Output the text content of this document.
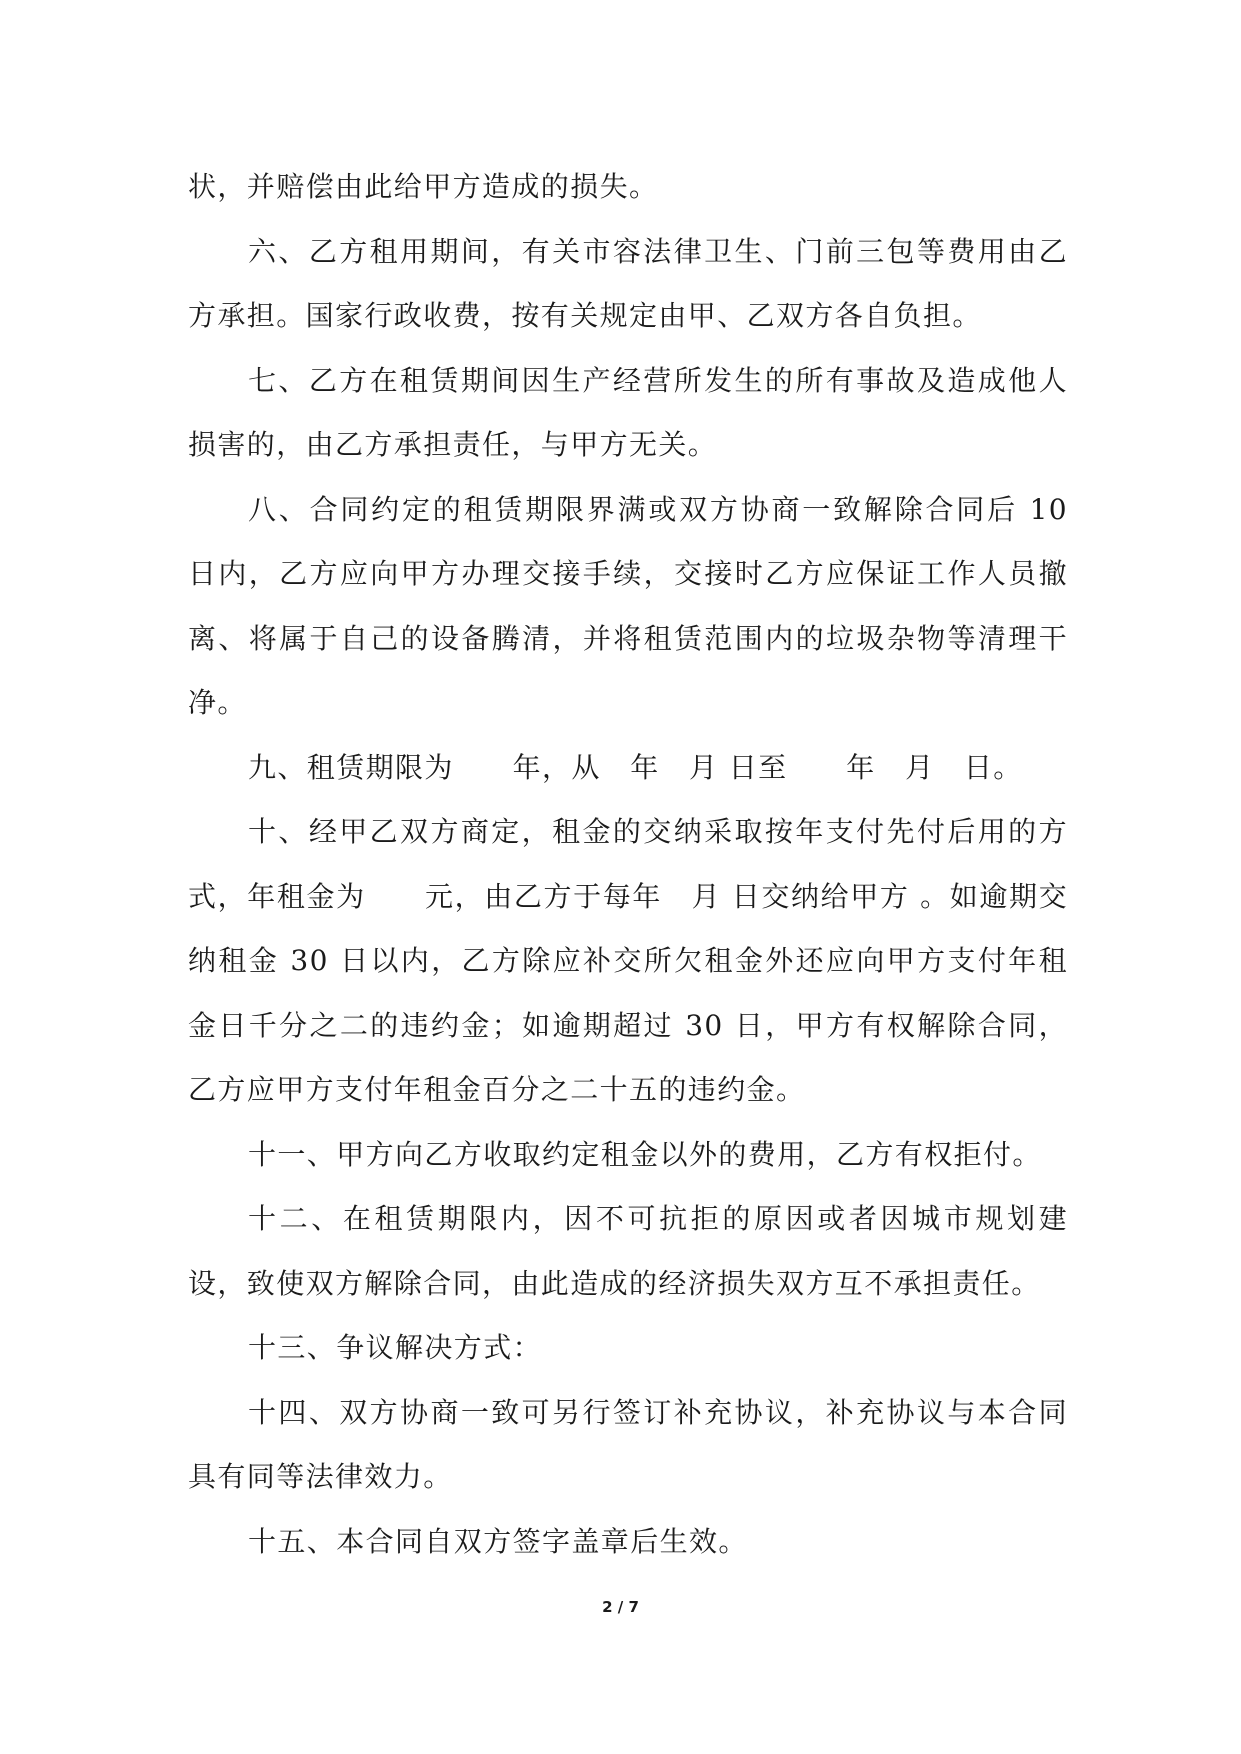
状，并赔偿由此给甲方造成的损失。

六、乙方租用期间，有关市容法律卫生、门前三包等费用由乙方承担。国家行政收费，按有关规定由甲、乙双方各自负担。

七、乙方在租赁期间因生产经营所发生的所有事故及造成他人损害的，由乙方承担责任，与甲方无关。

八、合同约定的租赁期限界满或双方协商一致解除合同后 10 日内，乙方应向甲方办理交接手续，交接时乙方应保证工作人员撤离、将属于自己的设备腾清，并将租赁范围内的垃圾杂物等清理干净。

九、租赁期限为　　年，从　年　月 日至　　年　月　日。

十、经甲乙双方商定，租金的交纳采取按年支付先付后用的方式，年租金为　　元，由乙方于每年　月 日交纳给甲方 。如逾期交纳租金 30 日以内，乙方除应补交所欠租金外还应向甲方支付年租金日千分之二的违约金；如逾期超过 30 日，甲方有权解除合同，乙方应甲方支付年租金百分之二十五的违约金。

十一、甲方向乙方收取约定租金以外的费用，乙方有权拒付。

十二、在租赁期限内，因不可抗拒的原因或者因城市规划建设，致使双方解除合同，由此造成的经济损失双方互不承担责任。

十三、争议解决方式：

十四、双方协商一致可另行签订补充协议，补充协议与本合同具有同等法律效力。

十五、本合同自双方签字盖章后生效。

2 / 7
